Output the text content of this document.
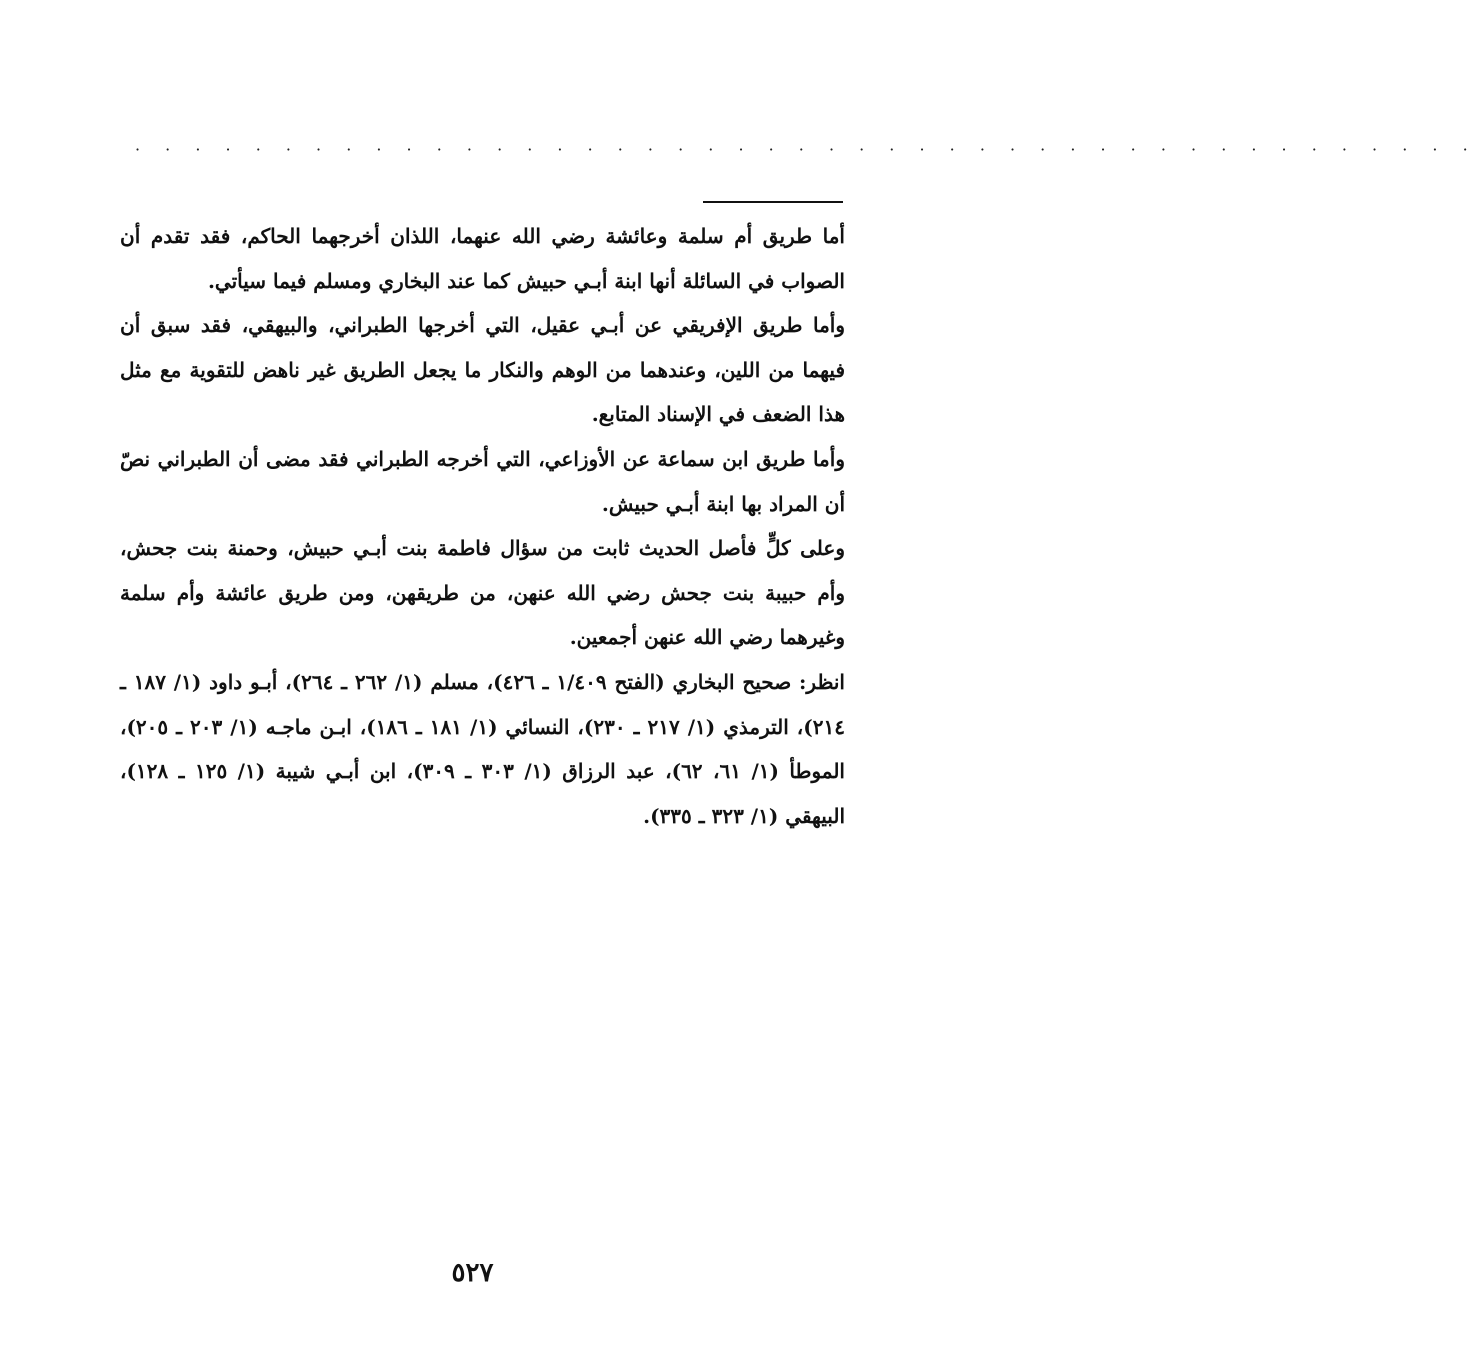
· · · · · · · · · · · · · · · · · · · · · · · · · · · · · · · · · · · · · · · · · · · · ·

أما طريق أم سلمة وعائشة رضي الله عنهما، اللذان أخرجهما الحاكم، فقد تقدم أن الصواب في السائلة أنها ابنة أبـي حبيش كما عند البخاري ومسلم فيما سيأتي.

وأما طريق الإفريقي عن أبـي عقيل، التي أخرجها الطبراني، والبيهقي، فقد سبق أن فيهما من اللين، وعندهما من الوهم والنكار ما يجعل الطريق غير ناهض للتقوية مع مثل هذا الضعف في الإسناد المتابع.

وأما طريق ابن سماعة عن الأوزاعي، التي أخرجه الطبراني فقد مضى أن الطبراني نصّ أن المراد بها ابنة أبـي حبيش.

وعلى كلٍّ فأصل الحديث ثابت من سؤال فاطمة بنت أبـي حبيش، وحمنة بنت جحش، وأم حبيبة بنت جحش رضي الله عنهن، من طريقهن، ومن طريق عائشة وأم سلمة وغيرهما رضي الله عنهن أجمعين.

انظر: صحيح البخاري (الفتح ١/٤٠٩ ـ ٤٢٦)، مسلم (١/ ٢٦٢ ـ ٢٦٤)، أبـو داود (١/ ١٨٧ ـ ٢١٤)، الترمذي (١/ ٢١٧ ـ ٢٣٠)، النسائي (١/ ١٨١ ـ ١٨٦)، ابـن ماجـه (١/ ٢٠٣ ـ ٢٠٥)، الموطأ (١/ ٦١، ٦٢)، عبد الرزاق (١/ ٣٠٣ ـ ٣٠٩)، ابن أبـي شيبة (١/ ١٢٥ ـ ١٢٨)، البيهقي (١/ ٣٢٣ ـ ٣٣٥).

٥٢٧
